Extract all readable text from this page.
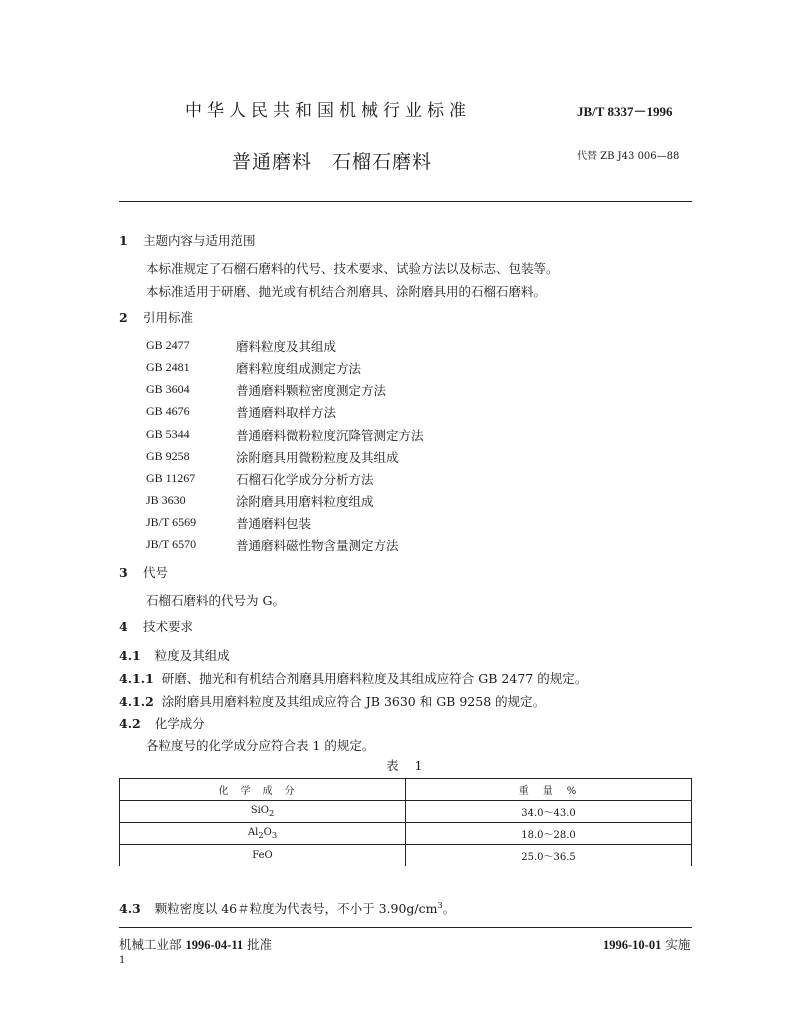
中华人民共和国机械行业标准	JB/T 8337－1996
普通磨料　石榴石磨料	代替 ZB J43 006—88
1 主题内容与适用范围
本标准规定了石榴石磨料的代号、技术要求、试验方法以及标志、包装等。
本标准适用于研磨、抛光或有机结合剂磨具、涂附磨具用的石榴石磨料。
2 引用标准
GB 2477	磨料粒度及其组成
GB 2481	磨料粒度组成测定方法
GB 3604	普通磨料颗粒密度测定方法
GB 4676	普通磨料取样方法
GB 5344	普通磨料微粉粒度沉降管测定方法
GB 9258	涂附磨具用微粉粒度及其组成
GB 11267	石榴石化学成分分析方法
JB 3630	涂附磨具用磨料粒度组成
JB/T 6569	普通磨料包装
JB/T 6570	普通磨料磁性物含量测定方法
3 代号
石榴石磨料的代号为 G。
4 技术要求
4.1 粒度及其组成
4.1.1 研磨、抛光和有机结合剂磨具用磨料粒度及其组成应符合 GB 2477 的规定。
4.1.2 涂附磨具用磨料粒度及其组成应符合 JB 3630 和 GB 9258 的规定。
4.2 化学成分
各粒度号的化学成分应符合表 1 的规定。
表 1
化学成分	重　量　%
SiO$_2$	34.0～43.0
$Al_2O_3$	18.0～28.0
FeO	25.0～36.5
4.3 颗粒密度以 46＃粒度为代表号，不小于 $3.90g/cm^3$。
机械工业部 1996-04-11 批准	1996-10-01 实施
1
